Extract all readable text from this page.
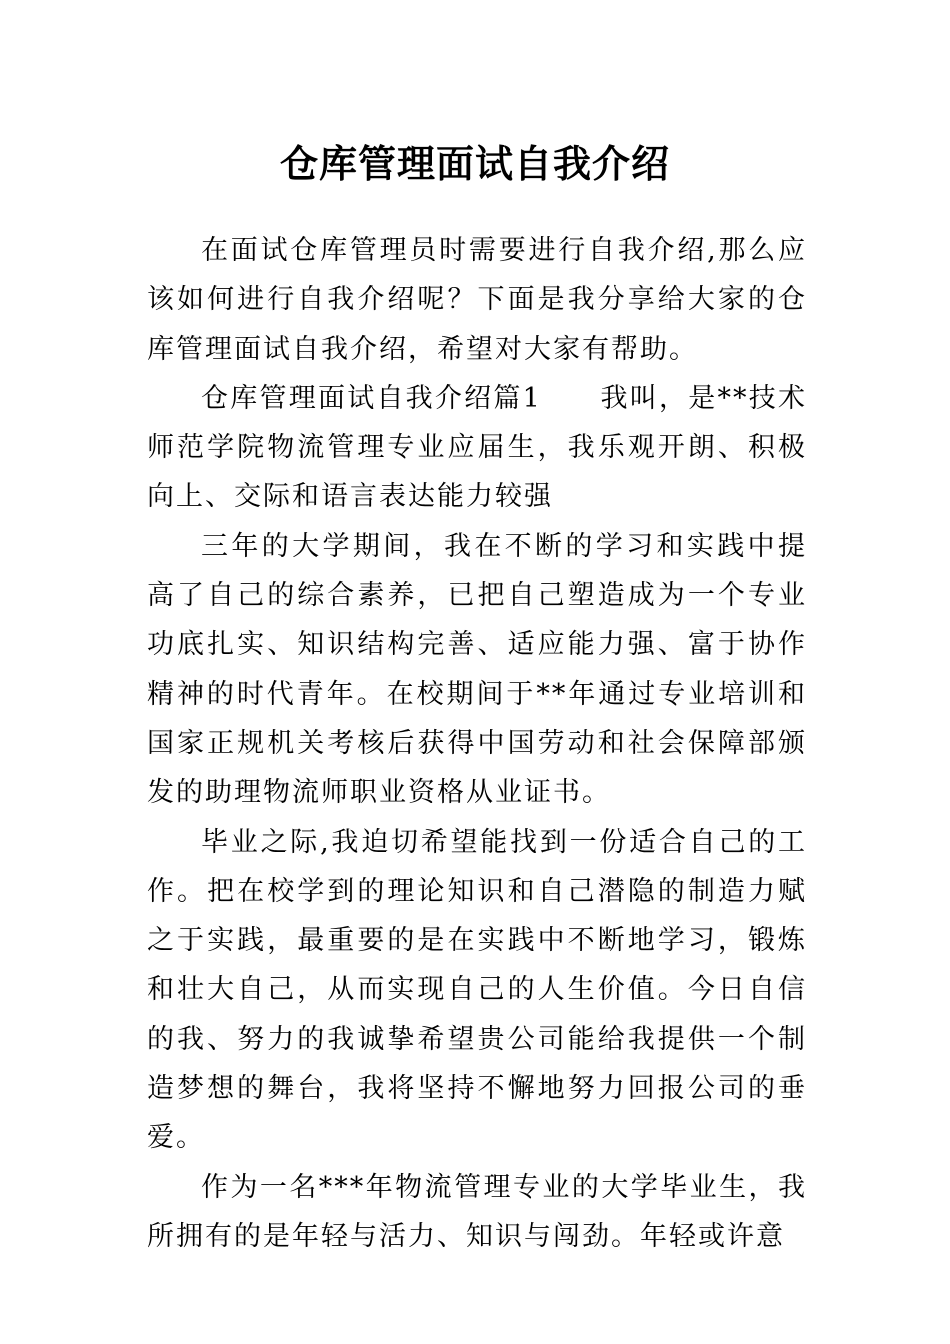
仓库管理面试自我介绍

在面试仓库管理员时需要进行自我介绍,那么应该如何进行自我介绍呢？下面是我分享给大家的仓库管理面试自我介绍，希望对大家有帮助。

仓库管理面试自我介绍篇1　　我叫，是**技术师范学院物流管理专业应届生，我乐观开朗、积极向上、交际和语言表达能力较强

三年的大学期间，我在不断的学习和实践中提高了自己的综合素养，已把自己塑造成为一个专业功底扎实、知识结构完善、适应能力强、富于协作精神的时代青年。在校期间于**年通过专业培训和国家正规机关考核后获得中国劳动和社会保障部颁发的助理物流师职业资格从业证书。

毕业之际,我迫切希望能找到一份适合自己的工作。把在校学到的理论知识和自己潜隐的制造力赋之于实践，最重要的是在实践中不断地学习，锻炼和壮大自己，从而实现自己的人生价值。今日自信的我、努力的我诚挚希望贵公司能给我提供一个制造梦想的舞台，我将坚持不懈地努力回报公司的垂爱。

作为一名***年物流管理专业的大学毕业生，我所拥有的是年轻与活力、知识与闯劲。年轻或许意
